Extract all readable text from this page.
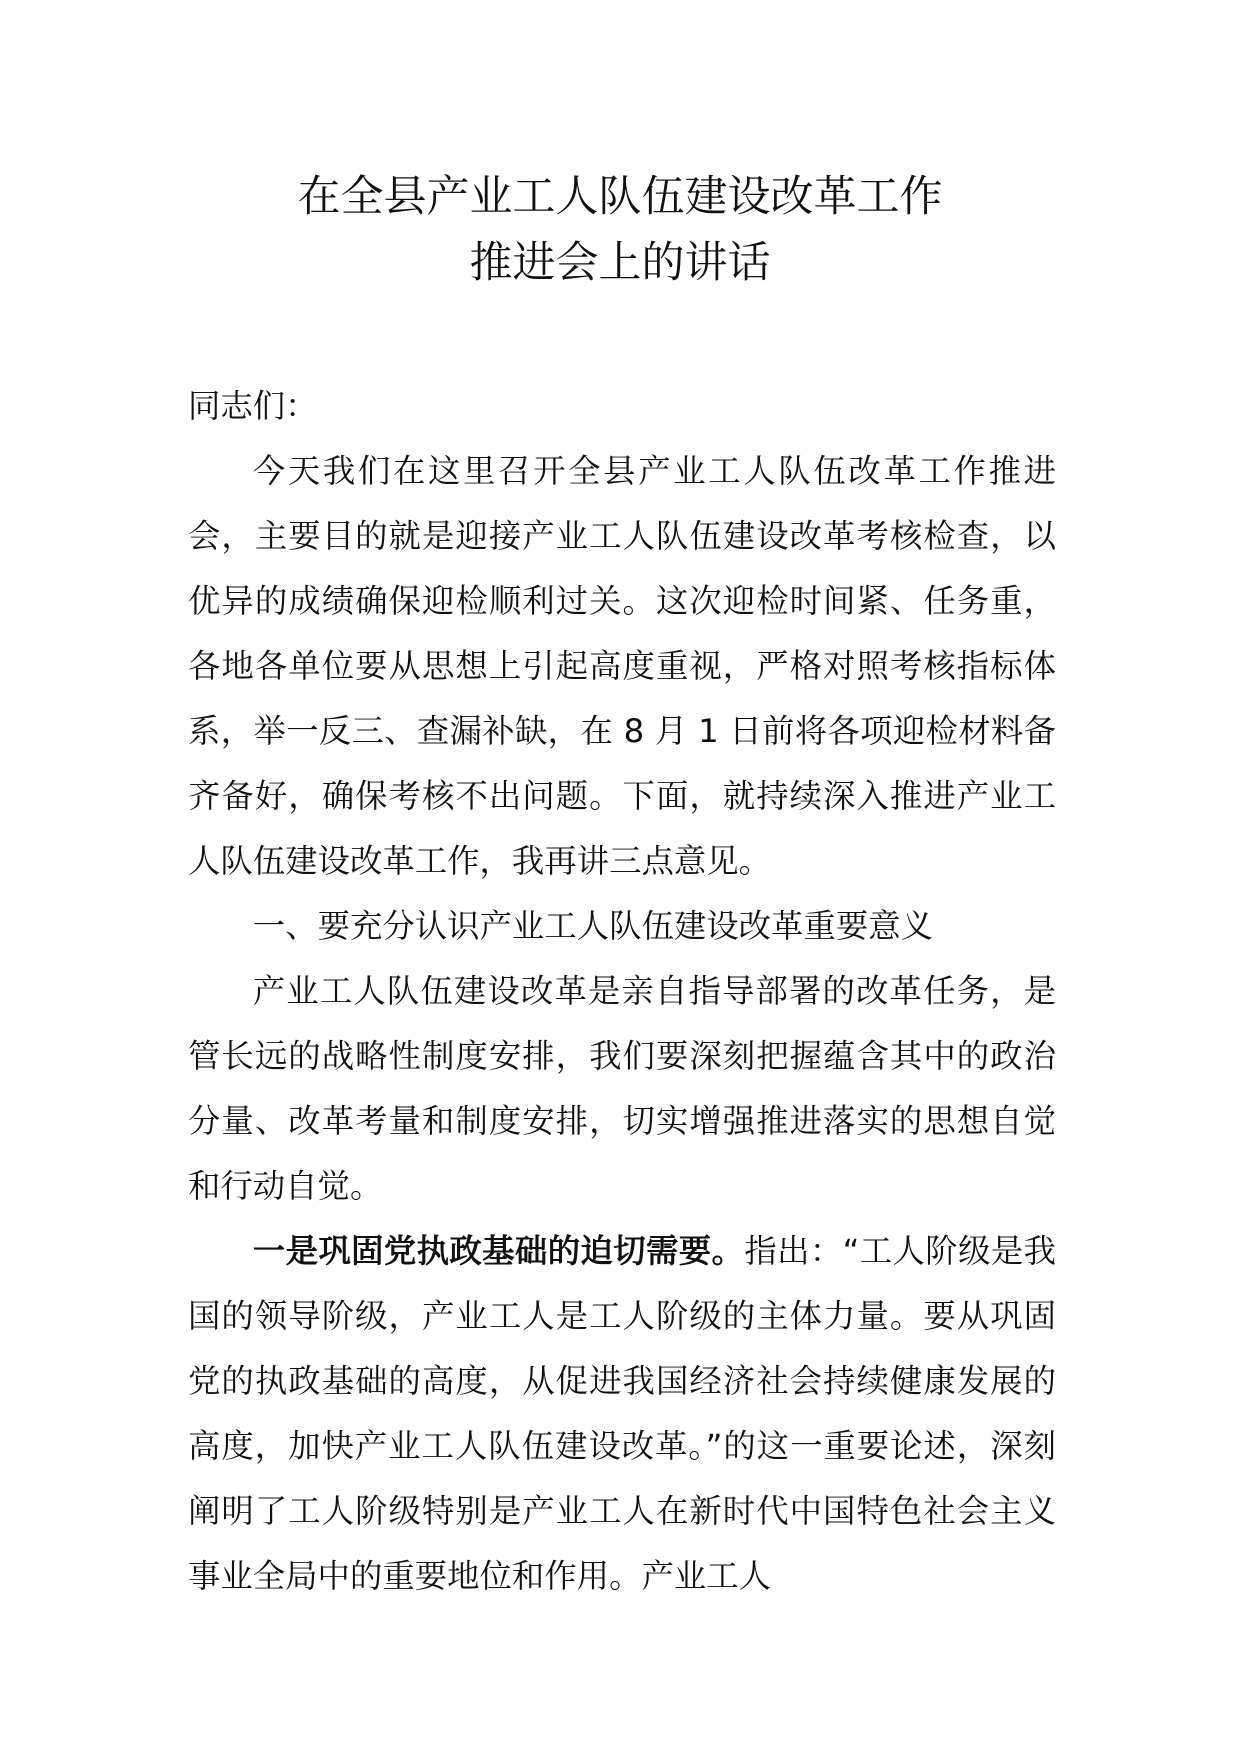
在全县产业工人队伍建设改革工作
推进会上的讲话

同志们：

今天我们在这里召开全县产业工人队伍改革工作推进会，主要目的就是迎接产业工人队伍建设改革考核检查，以优异的成绩确保迎检顺利过关。这次迎检时间紧、任务重，各地各单位要从思想上引起高度重视，严格对照考核指标体系，举一反三、查漏补缺，在 8 月 1 日前将各项迎检材料备齐备好，确保考核不出问题。下面，就持续深入推进产业工人队伍建设改革工作，我再讲三点意见。

一、要充分认识产业工人队伍建设改革重要意义

产业工人队伍建设改革是亲自指导部署的改革任务，是管长远的战略性制度安排，我们要深刻把握蕴含其中的政治分量、改革考量和制度安排，切实增强推进落实的思想自觉和行动自觉。

一是巩固党执政基础的迫切需要。指出：“工人阶级是我国的领导阶级，产业工人是工人阶级的主体力量。要从巩固党的执政基础的高度，从促进我国经济社会持续健康发展的高度，加快产业工人队伍建设改革。”的这一重要论述，深刻阐明了工人阶级特别是产业工人在新时代中国特色社会主义事业全局中的重要地位和作用。产业工人
